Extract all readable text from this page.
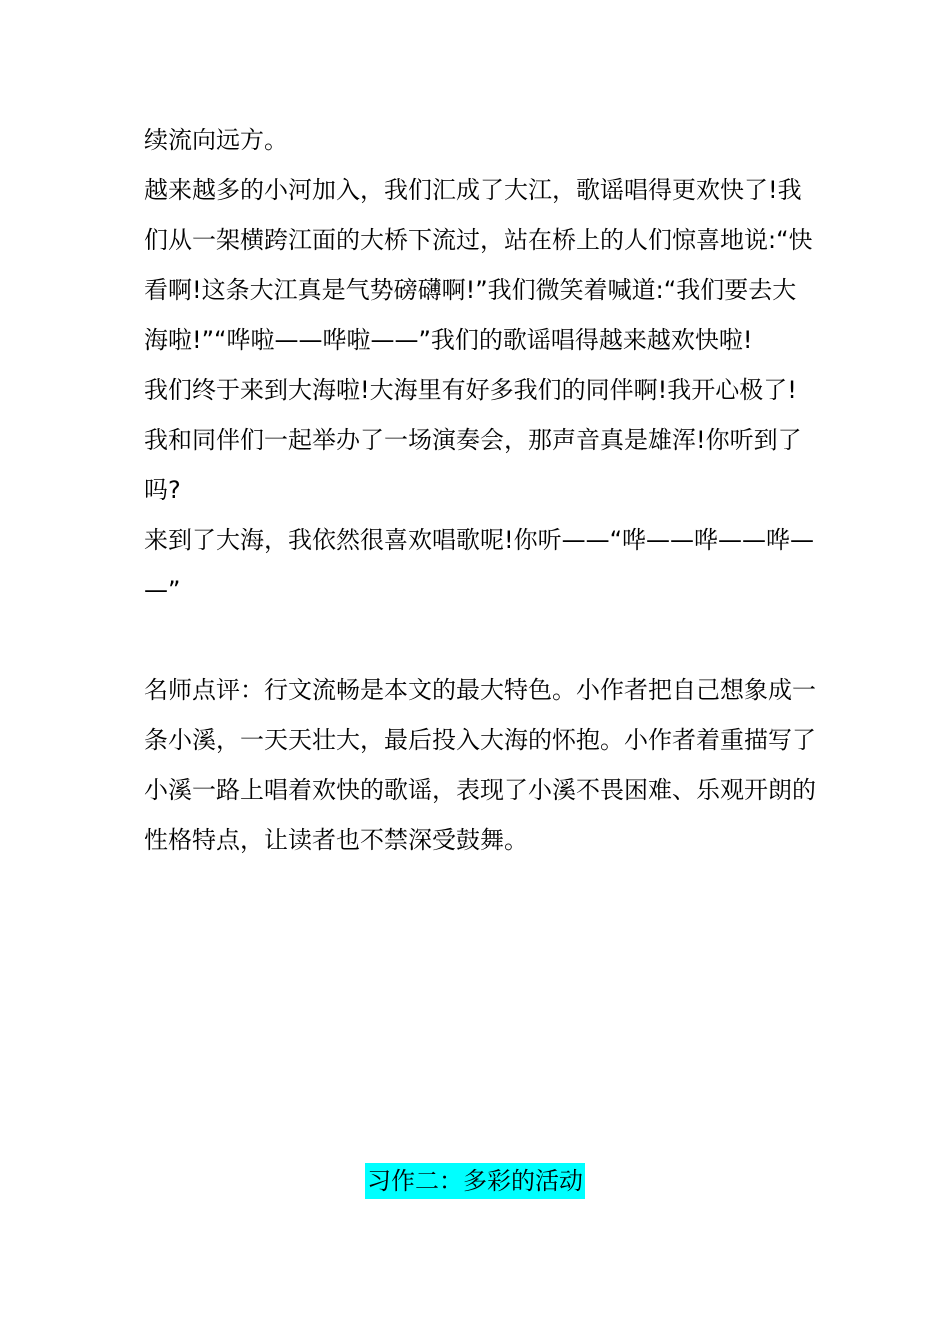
续流向远方。
越来越多的小河加入，我们汇成了大江，歌谣唱得更欢快了!我
们从一架横跨江面的大桥下流过，站在桥上的人们惊喜地说:“快
看啊!这条大江真是气势磅礴啊!”我们微笑着喊道:“我们要去大
海啦!”“哗啦——哗啦——”我们的歌谣唱得越来越欢快啦!
我们终于来到大海啦!大海里有好多我们的同伴啊!我开心极了!
我和同伴们一起举办了一场演奏会，那声音真是雄浑!你听到了
吗?
来到了大海，我依然很喜欢唱歌呢!你听——“哗——哗——哗—
—”
名师点评：行文流畅是本文的最大特色。小作者把自己想象成一
条小溪，一天天壮大，最后投入大海的怀抱。小作者着重描写了
小溪一路上唱着欢快的歌谣，表现了小溪不畏困难、乐观开朗的
性格特点，让读者也不禁深受鼓舞。
习作二：多彩的活动
